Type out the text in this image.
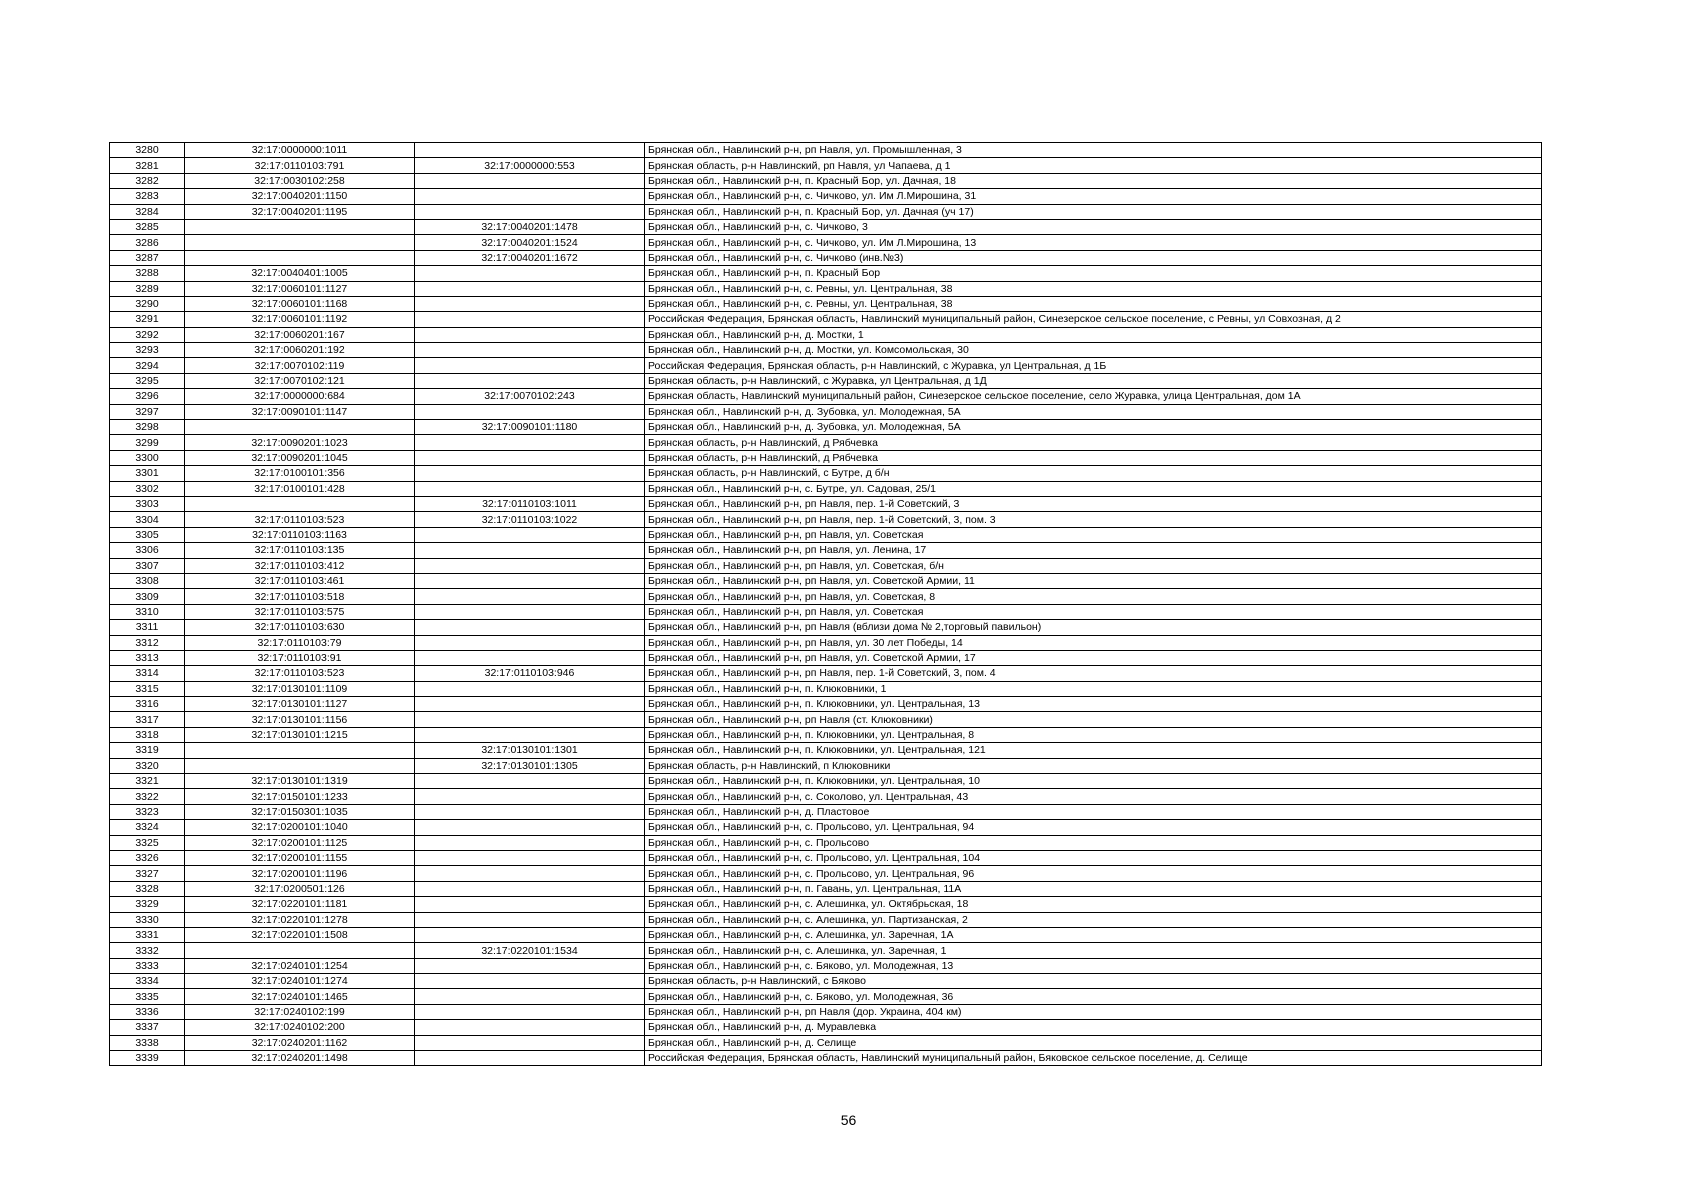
3280	32:17:0000000:1011		Брянская обл., Навлинский р-н, рп Навля, ул. Промышленная, 3
3281	32:17:0110103:791	32:17:0000000:553	Брянская область, р-н Навлинский, рп Навля, ул Чапаева, д 1
3282	32:17:0030102:258		Брянская обл., Навлинский р-н, п. Красный Бор, ул. Дачная, 18
3283	32:17:0040201:1150		Брянская обл., Навлинский р-н, с. Чичково, ул. Им Л.Мирошина, 31
3284	32:17:0040201:1195		Брянская обл., Навлинский р-н, п. Красный Бор, ул. Дачная (уч 17)
3285		32:17:0040201:1478	Брянская обл., Навлинский р-н, с. Чичково, 3
3286		32:17:0040201:1524	Брянская обл., Навлинский р-н, с. Чичково, ул. Им Л.Мирошина, 13
3287		32:17:0040201:1672	Брянская обл., Навлинский р-н, с. Чичково (инв.№3)
3288	32:17:0040401:1005		Брянская обл., Навлинский р-н, п. Красный Бор
3289	32:17:0060101:1127		Брянская обл., Навлинский р-н, с. Ревны, ул. Центральная, 38
3290	32:17:0060101:1168		Брянская обл., Навлинский р-н, с. Ревны, ул. Центральная, 38
3291	32:17:0060101:1192		Российская Федерация, Брянская область, Навлинский муниципальный район, Синезерское сельское поселение, с Ревны, ул Совхозная, д 2
3292	32:17:0060201:167		Брянская обл., Навлинский р-н, д. Мостки, 1
3293	32:17:0060201:192		Брянская обл., Навлинский р-н, д. Мостки, ул. Комсомольская, 30
3294	32:17:0070102:119		Российская Федерация, Брянская область, р-н Навлинский, с Журавка, ул Центральная, д 1Б
3295	32:17:0070102:121		Брянская область, р-н Навлинский, с Журавка, ул Центральная, д 1Д
3296	32:17:0000000:684	32:17:0070102:243	Брянская область, Навлинский муниципальный район, Синезерское сельское поселение, село Журавка, улица Центральная, дом 1А
3297	32:17:0090101:1147		Брянская обл., Навлинский р-н, д. Зубовка, ул. Молодежная, 5А
3298		32:17:0090101:1180	Брянская обл., Навлинский р-н, д. Зубовка, ул. Молодежная, 5А
3299	32:17:0090201:1023		Брянская область, р-н Навлинский, д Рябчевка
3300	32:17:0090201:1045		Брянская область, р-н Навлинский, д Рябчевка
3301	32:17:0100101:356		Брянская область, р-н Навлинский, с Бутре, д б/н
3302	32:17:0100101:428		Брянская обл., Навлинский р-н, с. Бутре, ул. Садовая, 25/1
3303		32:17:0110103:1011	Брянская обл., Навлинский р-н, рп Навля, пер. 1-й Советский, 3
3304	32:17:0110103:523	32:17:0110103:1022	Брянская обл., Навлинский р-н, рп Навля, пер. 1-й Советский, 3, пом. 3
3305	32:17:0110103:1163		Брянская обл., Навлинский р-н, рп Навля, ул. Советская
3306	32:17:0110103:135		Брянская обл., Навлинский р-н, рп Навля, ул. Ленина, 17
3307	32:17:0110103:412		Брянская обл., Навлинский р-н, рп Навля, ул. Советская, б/н
3308	32:17:0110103:461		Брянская обл., Навлинский р-н, рп Навля, ул. Советской Армии, 11
3309	32:17:0110103:518		Брянская обл., Навлинский р-н, рп Навля, ул. Советская, 8
3310	32:17:0110103:575		Брянская обл., Навлинский р-н, рп Навля, ул. Советская
3311	32:17:0110103:630		Брянская обл., Навлинский р-н, рп Навля (вблизи дома № 2,торговый павильон)
3312	32:17:0110103:79		Брянская обл., Навлинский р-н, рп Навля, ул. 30 лет Победы, 14
3313	32:17:0110103:91		Брянская обл., Навлинский р-н, рп Навля, ул. Советской Армии, 17
3314	32:17:0110103:523	32:17:0110103:946	Брянская обл., Навлинский р-н, рп Навля, пер. 1-й Советский, 3, пом. 4
3315	32:17:0130101:1109		Брянская обл., Навлинский р-н, п. Клюковники, 1
3316	32:17:0130101:1127		Брянская обл., Навлинский р-н, п. Клюковники, ул. Центральная, 13
3317	32:17:0130101:1156		Брянская обл., Навлинский р-н, рп Навля (ст. Клюковники)
3318	32:17:0130101:1215		Брянская обл., Навлинский р-н, п. Клюковники, ул. Центральная, 8
3319		32:17:0130101:1301	Брянская обл., Навлинский р-н, п. Клюковники, ул. Центральная, 121
3320		32:17:0130101:1305	Брянская область, р-н Навлинский, п Клюковники
3321	32:17:0130101:1319		Брянская обл., Навлинский р-н, п. Клюковники, ул. Центральная, 10
3322	32:17:0150101:1233		Брянская обл., Навлинский р-н, с. Соколово, ул. Центральная, 43
3323	32:17:0150301:1035		Брянская обл., Навлинский р-н, д. Пластовое
3324	32:17:0200101:1040		Брянская обл., Навлинский р-н, с. Прольсово, ул. Центральная, 94
3325	32:17:0200101:1125		Брянская обл., Навлинский р-н, с. Прольсово
3326	32:17:0200101:1155		Брянская обл., Навлинский р-н, с. Прольсово, ул. Центральная, 104
3327	32:17:0200101:1196		Брянская обл., Навлинский р-н, с. Прольсово, ул. Центральная, 96
3328	32:17:0200501:126		Брянская обл., Навлинский р-н, п. Гавань, ул. Центральная, 11А
3329	32:17:0220101:1181		Брянская обл., Навлинский р-н, с. Алешинка, ул. Октябрьская, 18
3330	32:17:0220101:1278		Брянская обл., Навлинский р-н, с. Алешинка, ул. Партизанская, 2
3331	32:17:0220101:1508		Брянская обл., Навлинский р-н, с. Алешинка, ул. Заречная, 1А
3332		32:17:0220101:1534	Брянская обл., Навлинский р-н, с. Алешинка, ул. Заречная, 1
3333	32:17:0240101:1254		Брянская обл., Навлинский р-н, с. Бяково, ул. Молодежная, 13
3334	32:17:0240101:1274		Брянская область, р-н Навлинский, с Бяково
3335	32:17:0240101:1465		Брянская обл., Навлинский р-н, с. Бяково, ул. Молодежная, 36
3336	32:17:0240102:199		Брянская обл., Навлинский р-н, рп Навля (дор. Украина, 404 км)
3337	32:17:0240102:200		Брянская обл., Навлинский р-н, д. Муравлевка
3338	32:17:0240201:1162		Брянская обл., Навлинский р-н, д. Селище
3339	32:17:0240201:1498		Российская Федерация, Брянская область, Навлинский муниципальный район, Бяковское сельское поселение, д. Селище
56
